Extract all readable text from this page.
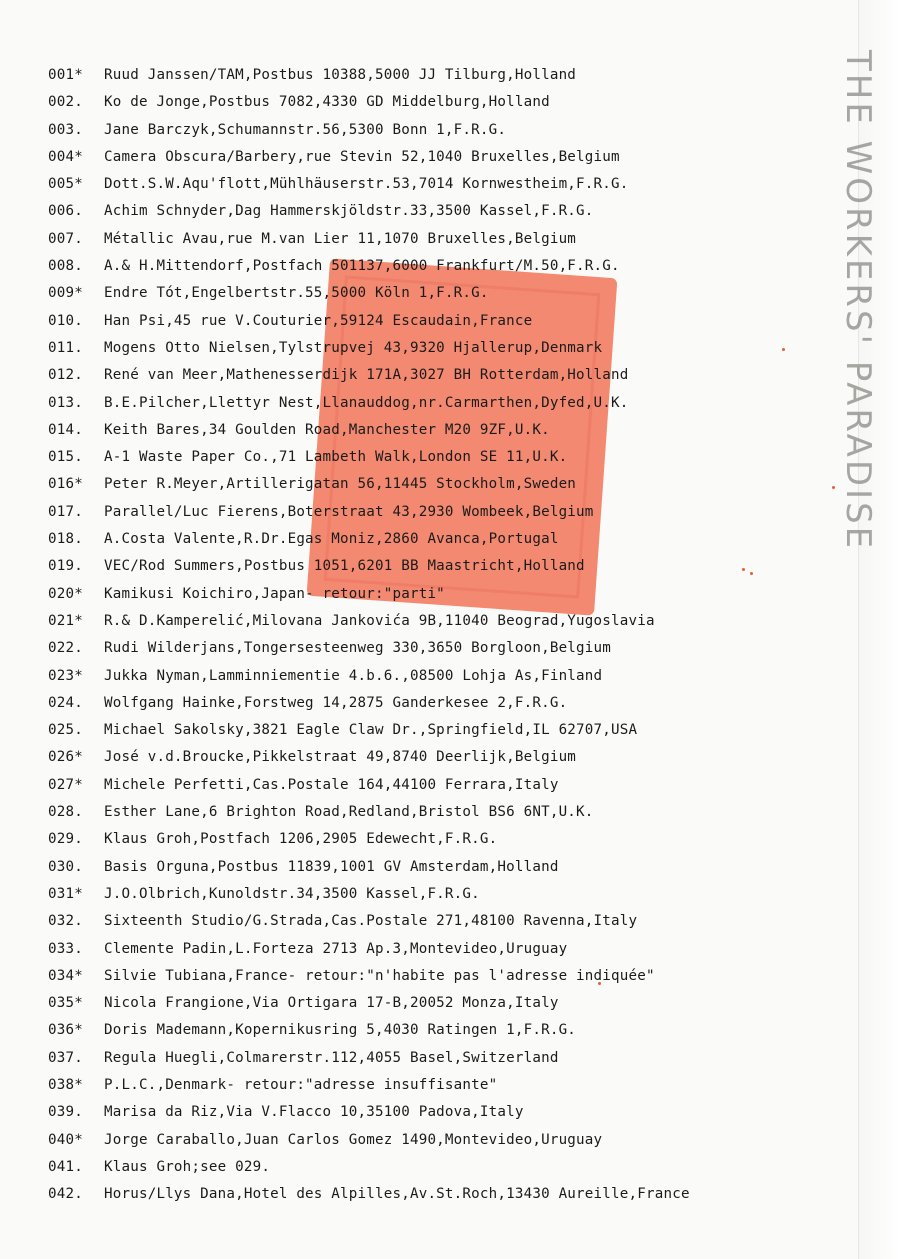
001* Ruud Janssen/TAM,Postbus 10388,5000 JJ Tilburg,Holland
002. Ko de Jonge,Postbus 7082,4330 GD Middelburg,Holland
003. Jane Barczyk,Schumannstr.56,5300 Bonn 1,F.R.G.
004* Camera Obscura/Barbery,rue Stevin 52,1040 Bruxelles,Belgium
005* Dott.S.W.Aqu'flott,Mühlhäuserstr.53,7014 Kornwestheim,F.R.G.
006. Achim Schnyder,Dag Hammerskjöldstr.33,3500 Kassel,F.R.G.
007. Métallic Avau,rue M.van Lier 11,1070 Bruxelles,Belgium
008. A.& H.Mittendorf,Postfach 501137,6000 Frankfurt/M.50,F.R.G.
009* Endre Tót,Engelbertstr.55,5000 Köln 1,F.R.G.
010. Han Psi,45 rue V.Couturier,59124 Escaudain,France
011. Mogens Otto Nielsen,Tylstrupvej 43,9320 Hjallerup,Denmark
012. René van Meer,Mathenesserdijk 171A,3027 BH Rotterdam,Holland
013. B.E.Pilcher,Llettyr Nest,Llanauddog,nr.Carmarthen,Dyfed,U.K.
014. Keith Bares,34 Goulden Road,Manchester M20 9ZF,U.K.
015. A-1 Waste Paper Co.,71 Lambeth Walk,London SE 11,U.K.
016* Peter R.Meyer,Artillerigatan 56,11445 Stockholm,Sweden
017. Parallel/Luc Fierens,Boterstraat 43,2930 Wombeek,Belgium
018. A.Costa Valente,R.Dr.Egas Moniz,2860 Avanca,Portugal
019. VEC/Rod Summers,Postbus 1051,6201 BB Maastricht,Holland
020* Kamikusi Koichiro,Japan- retour:"parti"
021* R.& D.Kamperelić,Milovana Jankovića 9B,11040 Beograd,Yugoslavia
022. Rudi Wilderjans,Tongersesteenweg 330,3650 Borgloon,Belgium
023* Jukka Nyman,Lamminniementie 4.b.6.,08500 Lohja As,Finland
024. Wolfgang Hainke,Forstweg 14,2875 Ganderkesee 2,F.R.G.
025. Michael Sakolsky,3821 Eagle Claw Dr.,Springfield,IL 62707,USA
026* José v.d.Broucke,Pikkelstraat 49,8740 Deerlijk,Belgium
027* Michele Perfetti,Cas.Postale 164,44100 Ferrara,Italy
028. Esther Lane,6 Brighton Road,Redland,Bristol BS6 6NT,U.K.
029. Klaus Groh,Postfach 1206,2905 Edewecht,F.R.G.
030. Basis Orguna,Postbus 11839,1001 GV Amsterdam,Holland
031* J.O.Olbrich,Kunoldstr.34,3500 Kassel,F.R.G.
032. Sixteenth Studio/G.Strada,Cas.Postale 271,48100 Ravenna,Italy
033. Clemente Padin,L.Forteza 2713 Ap.3,Montevideo,Uruguay
034* Silvie Tubiana,France- retour:"n'habite pas l'adresse indiquée"
035* Nicola Frangione,Via Ortigara 17-B,20052 Monza,Italy
036* Doris Mademann,Kopernikusring 5,4030 Ratingen 1,F.R.G.
037. Regula Huegli,Colmarerstr.112,4055 Basel,Switzerland
038* P.L.C.,Denmark- retour:"adresse insuffisante"
039. Marisa da Riz,Via V.Flacco 10,35100 Padova,Italy
040* Jorge Caraballo,Juan Carlos Gomez 1490,Montevideo,Uruguay
041. Klaus Groh;see 029.
042. Horus/Llys Dana,Hotel des Alpilles,Av.St.Roch,13430 Aureille,France
THE WORKERS' PARADISE
